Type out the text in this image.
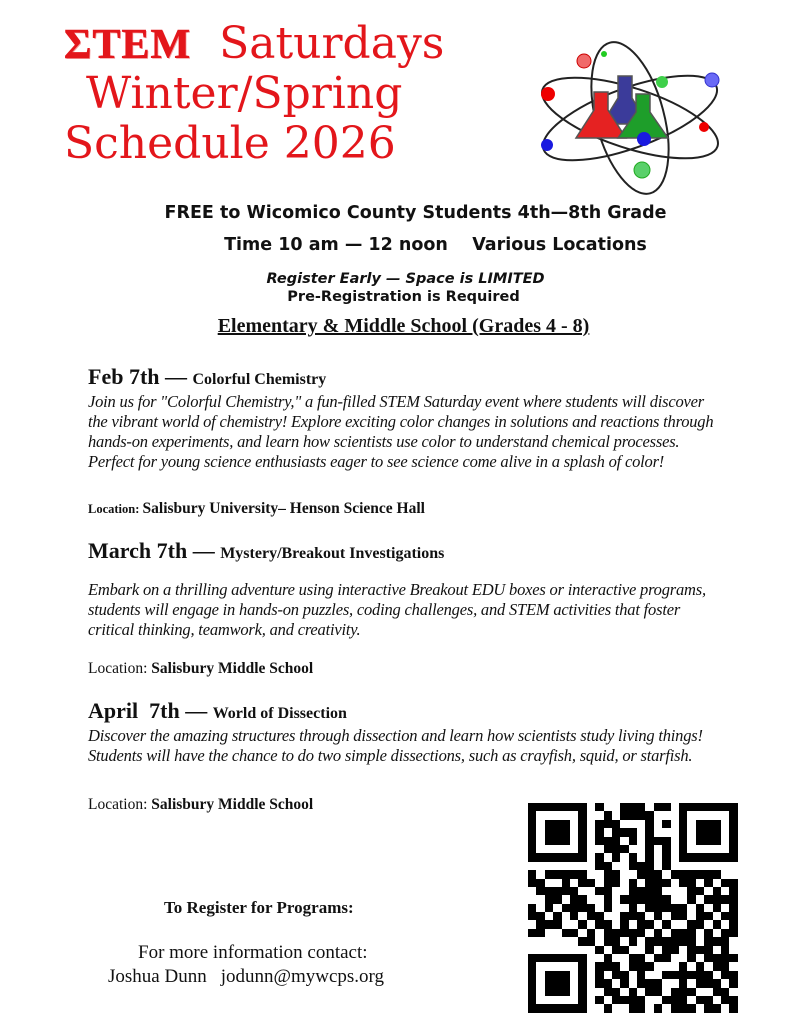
ΣΤΕΜ Saturdays
Winter/Spring
Schedule 2026
FREE to Wicomico County Students 4th—8th Grade
Time 10 am — 12 noon Various Locations
Register Early — Space is LIMITED
Pre-Registration is Required
Elementary & Middle School (Grades 4 - 8)
Feb 7th — Colorful Chemistry
Join us for "Colorful Chemistry," a fun-filled STEM Saturday event where students will discover the vibrant world of chemistry! Explore exciting color changes in solutions and reactions through hands-on experiments, and learn how scientists use color to understand chemical processes. Perfect for young science enthusiasts eager to see science come alive in a splash of color!
Location: Salisbury University– Henson Science Hall
March 7th — Mystery/Breakout Investigations
Embark on a thrilling adventure using interactive Breakout EDU boxes or interactive programs, students will engage in hands-on puzzles, coding challenges, and STEM activities that foster critical thinking, teamwork, and creativity.
Location: Salisbury Middle School
April  7th — World of Dissection
Discover the amazing structures through dissection and learn how scientists study living things! Students will have the chance to do two simple dissections, such as crayfish, squid, or starfish.
Location: Salisbury Middle School
To Register for Programs:
For more information contact:
Joshua Dunn jodunn@mywcps.org
